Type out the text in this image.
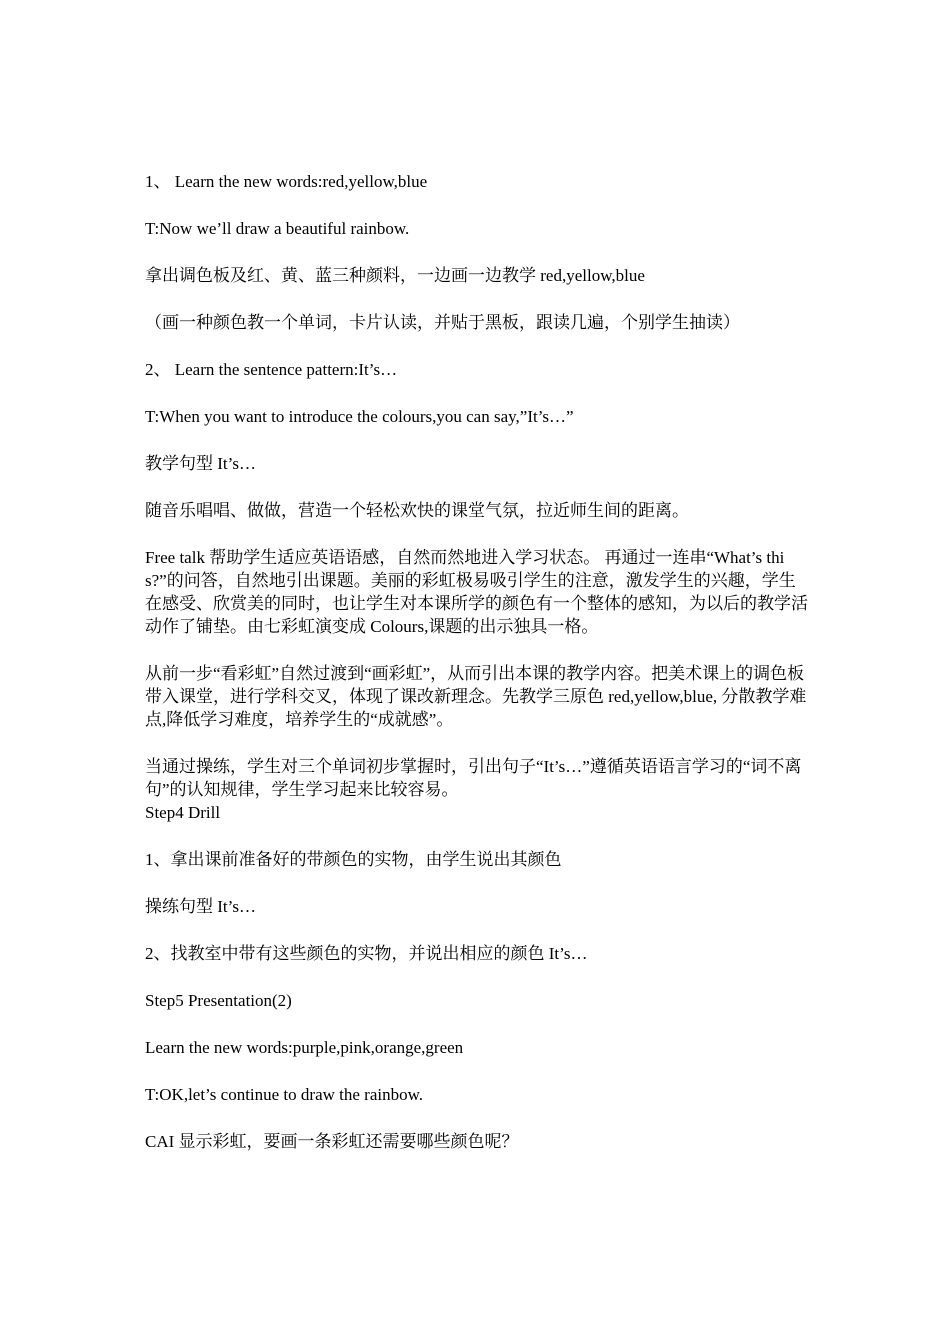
1、 Learn the new words:red,yellow,blue

T:Now we’ll draw a beautiful rainbow.

拿出调色板及红、黄、蓝三种颜料，一边画一边教学 red,yellow,blue

（画一种颜色教一个单词，卡片认读，并贴于黑板，跟读几遍，个别学生抽读）

2、 Learn the sentence pattern:It’s…

T:When you want to introduce the colours,you can say,”It’s…”

教学句型 It’s…

随音乐唱唱、做做，营造一个轻松欢快的课堂气氛，拉近师生间的距离。

Free talk 帮助学生适应英语语感，自然而然地进入学习状态。 再通过一连串“What’s this?”的问答，自然地引出课题。美丽的彩虹极易吸引学生的注意，激发学生的兴趣，学生在感受、欣赏美的同时，也让学生对本课所学的颜色有一个整体的感知，为以后的教学活动作了铺垫。由七彩虹演变成 Colours,课题的出示独具一格。

从前一步“看彩虹”自然过渡到“画彩虹”，从而引出本课的教学内容。把美术课上的调色板带入课堂，进行学科交叉，体现了课改新理念。先教学三原色 red,yellow,blue, 分散教学难点,降低学习难度，培养学生的“成就感”。

当通过操练，学生对三个单词初步掌握时，引出句子“It’s…”遵循英语语言学习的“词不离句”的认知规律，学生学习起来比较容易。

Step4 Drill

1、拿出课前准备好的带颜色的实物，由学生说出其颜色

操练句型 It’s…

2、找教室中带有这些颜色的实物，并说出相应的颜色 It’s…

Step5 Presentation(2)

Learn the new words:purple,pink,orange,green

T:OK,let’s continue to draw the rainbow.

CAI 显示彩虹，要画一条彩虹还需要哪些颜色呢？
